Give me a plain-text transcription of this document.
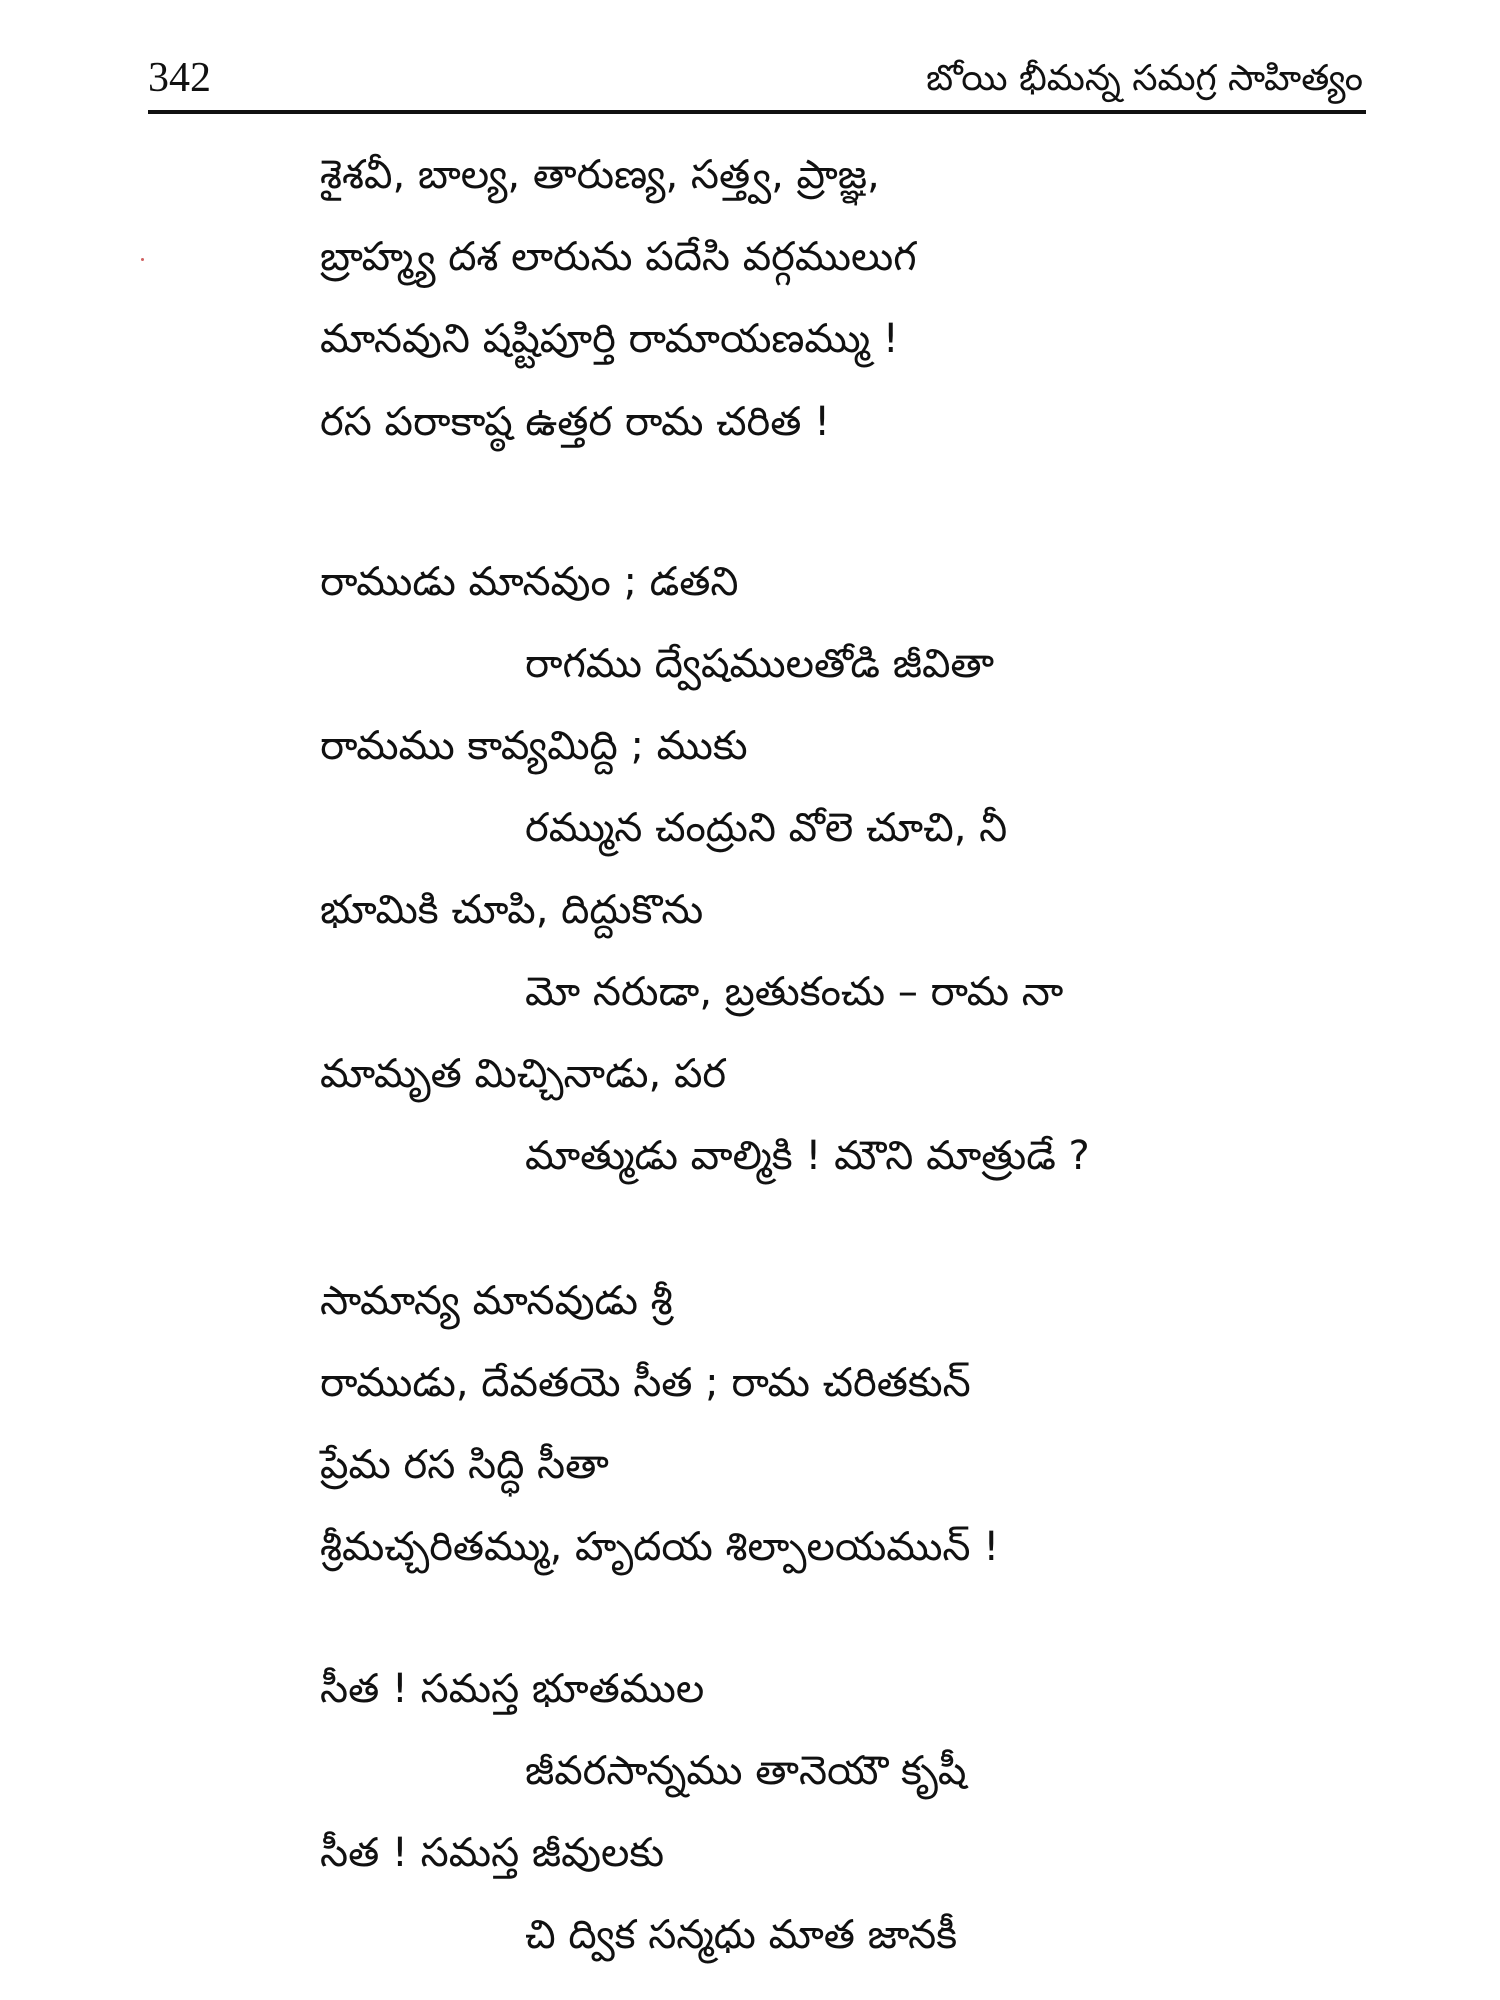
342	బోయి భీమన్న సమగ్ర సాహిత్యం
శైశవీ, బాల్య, తారుణ్య, సత్త్వ, ప్రాజ్ఞ,
బ్రాహ్మ్య దశ లారును పదేసి వర్గములుగ
మానవుని షష్టిపూర్తి రామాయణమ్ము !
రస పరాకాష్ఠ ఉత్తర రామ చరిత !
రాముడు మానవుం ; డతని
రాగము ద్వేషములతోడి జీవితా
రామము కావ్యమిద్ది ; ముకు
రమ్మున చంద్రుని వోలె చూచి, నీ
భూమికి చూపి, దిద్దుకొను
మో నరుడా, బ్రతుకంచు – రామ నా
మామృత మిచ్చినాడు, పర
మాత్ముడు వాల్మికి ! మౌని మాత్రుడే ?
సామాన్య మానవుడు శ్రీ
రాముడు, దేవతయె సీత ; రామ చరితకున్
ప్రేమ రస సిద్ధి సీతా
శ్రీమచ్చరితమ్ము, హృదయ శిల్పాలయమున్ !
సీత ! సమస్త భూతముల
జీవరసాన్నము తానెయౌ కృషీ
సీత ! సమస్త జీవులకు
చి ద్విక సన్మధు మాత జానకీ
